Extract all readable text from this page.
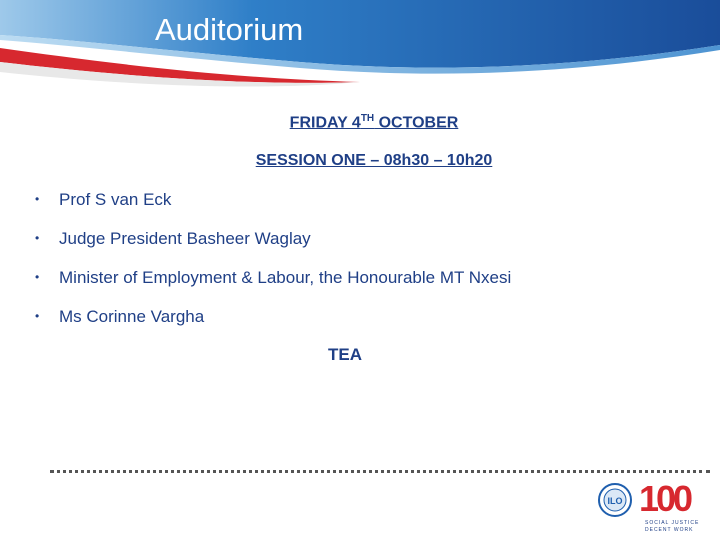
Auditorium
FRIDAY 4TH OCTOBER
SESSION ONE – 08h30 – 10h20
• Prof S van Eck
• Judge President Basheer Waglay
• Minister of Employment & Labour, the Honourable MT Nxesi
• Ms Corinne Vargha
TEA
ILO 100
SOCIAL JUSTICE
DECENT WORK
